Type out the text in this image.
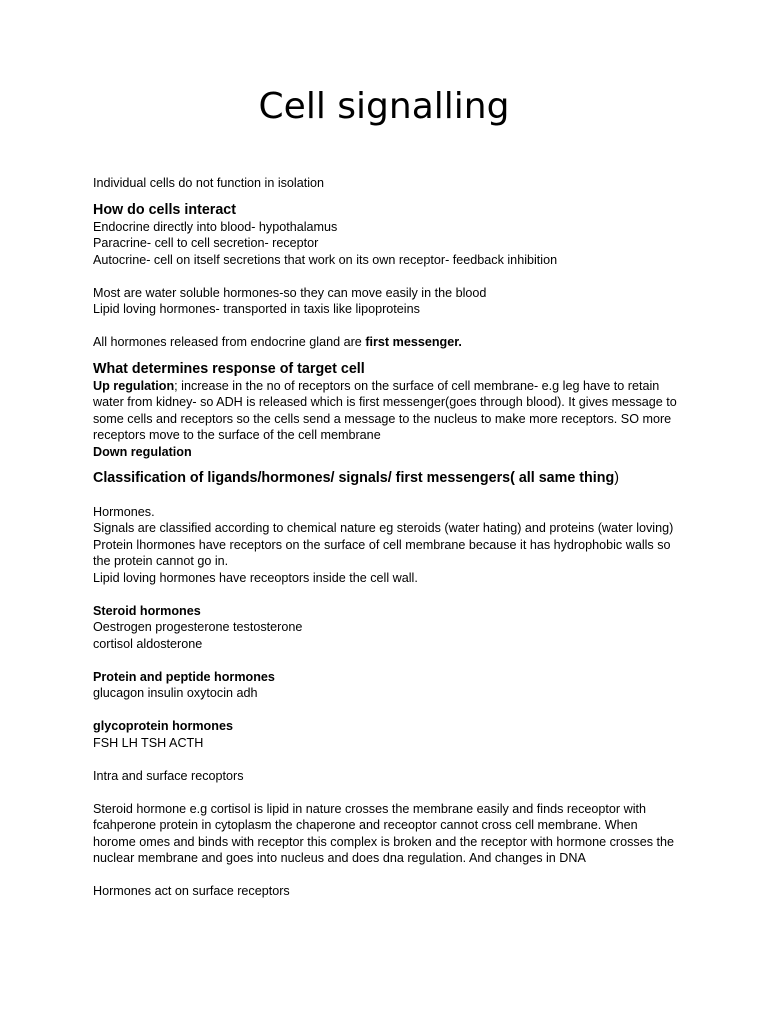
Cell signalling

Individual cells do not function in isolation

How do cells interact

Endocrine directly into blood- hypothalamus

Paracrine- cell to cell secretion- receptor

Autocrine- cell on itself secretions that work on its own receptor- feedback inhibition

Most are water soluble hormones-so they can move easily in the blood

Lipid loving hormones- transported in taxis like lipoproteins

All hormones released from endocrine gland are first messenger.

What determines response of target cell

Up regulation; increase in the no of receptors on the surface of cell membrane- e.g leg have to retain water from kidney- so ADH is released which is first messenger(goes through blood). It gives message to some cells and receptors so the cells send a message to the nucleus to make more receptors. SO more receptors move to the surface of the cell membrane

Down regulation

Classification of ligands/hormones/ signals/ first messengers( all same thing)

Hormones.

Signals are classified according to chemical nature eg steroids (water hating) and proteins (water loving)

Protein lhormones have receptors on the surface of cell membrane because it has hydrophobic walls so the protein cannot go in.

Lipid loving hormones have receoptors inside the cell wall.

Steroid hormones

Oestrogen progesterone testosterone

cortisol aldosterone

Protein and peptide hormones

glucagon insulin oxytocin adh

glycoprotein hormones

FSH LH TSH ACTH

Intra and surface recoptors

Steroid hormone e.g cortisol is lipid in nature crosses the membrane easily and finds receoptor with fcahperone protein in cytoplasm the chaperone and receoptor cannot cross cell membrane. When horome omes and binds with receptor this complex is broken and the receptor with hormone crosses the nuclear membrane and goes into nucleus and does dna regulation. And changes in DNA

Hormones act on surface receptors
